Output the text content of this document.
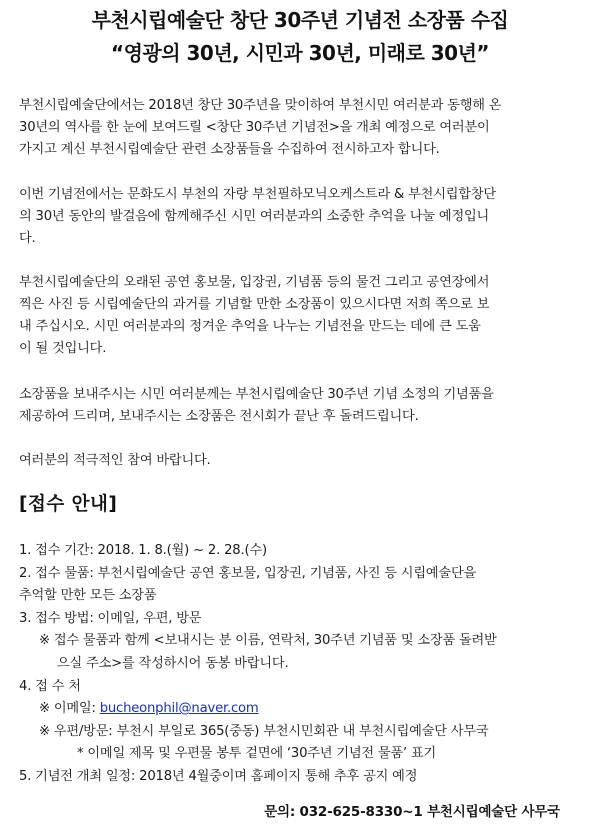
부천시립예술단 창단 30주년 기념전 소장품 수집
“영광의 30년, 시민과 30년, 미래로 30년”
부천시립예술단에서는 2018년 창단 30주년을 맞이하여 부천시민 여러분과 동행해 온
30년의 역사를 한 눈에 보여드릴 <창단 30주년 기념전>을 개최 예정으로 여러분이
가지고 계신 부천시립예술단 관련 소장품들을 수집하여 전시하고자 합니다.
이번 기념전에서는 문화도시 부천의 자랑 부천필하모닉오케스트라 & 부천시립합창단
의 30년 동안의 발걸음에 함께해주신 시민 여러분과의 소중한 추억을 나눌 예정입니
다.
부천시립예술단의 오래된 공연 홍보물, 입장권, 기념품 등의 물건 그리고 공연장에서
찍은 사진 등 시립예술단의 과거를 기념할 만한 소장품이 있으시다면 저희 쪽으로 보
내 주십시오. 시민 여러분과의 정겨운 추억을 나누는 기념전을 만드는 데에 큰 도움
이 될 것입니다.
소장품을 보내주시는 시민 여러분께는 부천시립예술단 30주년 기념 소정의 기념품을
제공하여 드리며, 보내주시는 소장품은 전시회가 끝난 후 돌려드립니다.
여러분의 적극적인 참여 바랍니다.
[접수 안내]
1. 접수 기간: 2018. 1. 8.(월) ~ 2. 28.(수)
2. 접수 물품: 부천시립예술단 공연 홍보물, 입장권, 기념품, 사진 등 시립예술단을
추억할 만한 모든 소장품
3. 접수 방법: 이메일, 우편, 방문
※ 접수 물품과 함께 <보내시는 분 이름, 연락처, 30주년 기념품 및 소장품 돌려받
으실 주소>를 작성하시어 동봉 바랍니다.
4. 접 수 처
※ 이메일: bucheonphil@naver.com
※ 우편/방문: 부천시 부일로 365(중동) 부천시민회관 내 부천시립예술단 사무국
* 이메일 제목 및 우편물 봉투 겉면에 ‘30주년 기념전 물품’ 표기
5. 기념전 개최 일정: 2018년 4월중이며 홈페이지 통해 추후 공지 예정
문의: 032-625-8330~1 부천시립예술단 사무국
